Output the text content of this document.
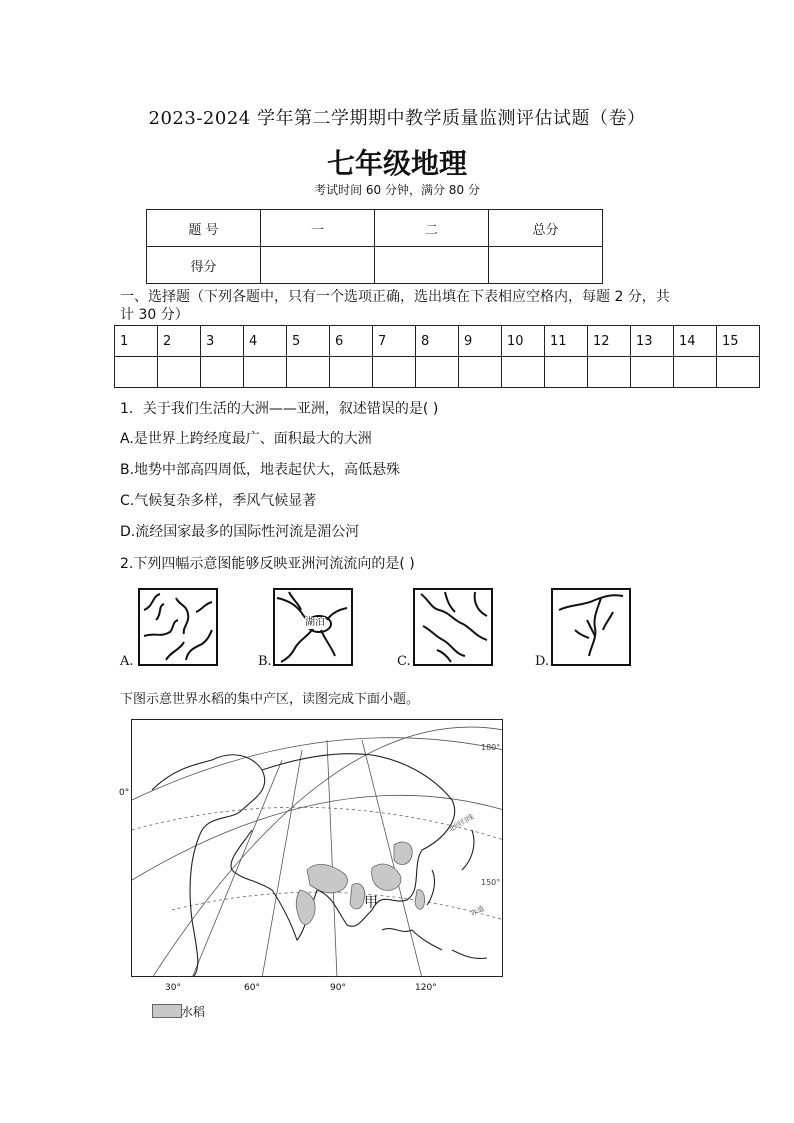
2023-2024 学年第二学期期中教学质量监测评估试题（卷）
七年级地理
考试时间 60 分钟，满分 80 分
题 号	一	二	总分
得分			
一、选择题（下列各题中，只有一个选项正确，选出填在下表相应空格内，每题 2 分，共计 30 分）
1	2	3	4	5	6	7	8	9	10	11	12	13	14	15

1．关于我们生活的大洲——亚洲，叙述错误的是( )
A.是世界上跨经度最广、面积最大的大洲
B.地势中部高四周低，地表起伏大，高低悬殊
C.气候复杂多样，季风气候显著
D.流经国家最多的国际性河流是湄公河
2.下列四幅示意图能够反映亚洲河流流向的是( )
湖泊
A.	B.	C.	D.
下图示意世界水稻的集中产区，读图完成下面小题。
甲
北回归线
赤道
180°
150°
0°
30°	60°	90°	120°
水稻
